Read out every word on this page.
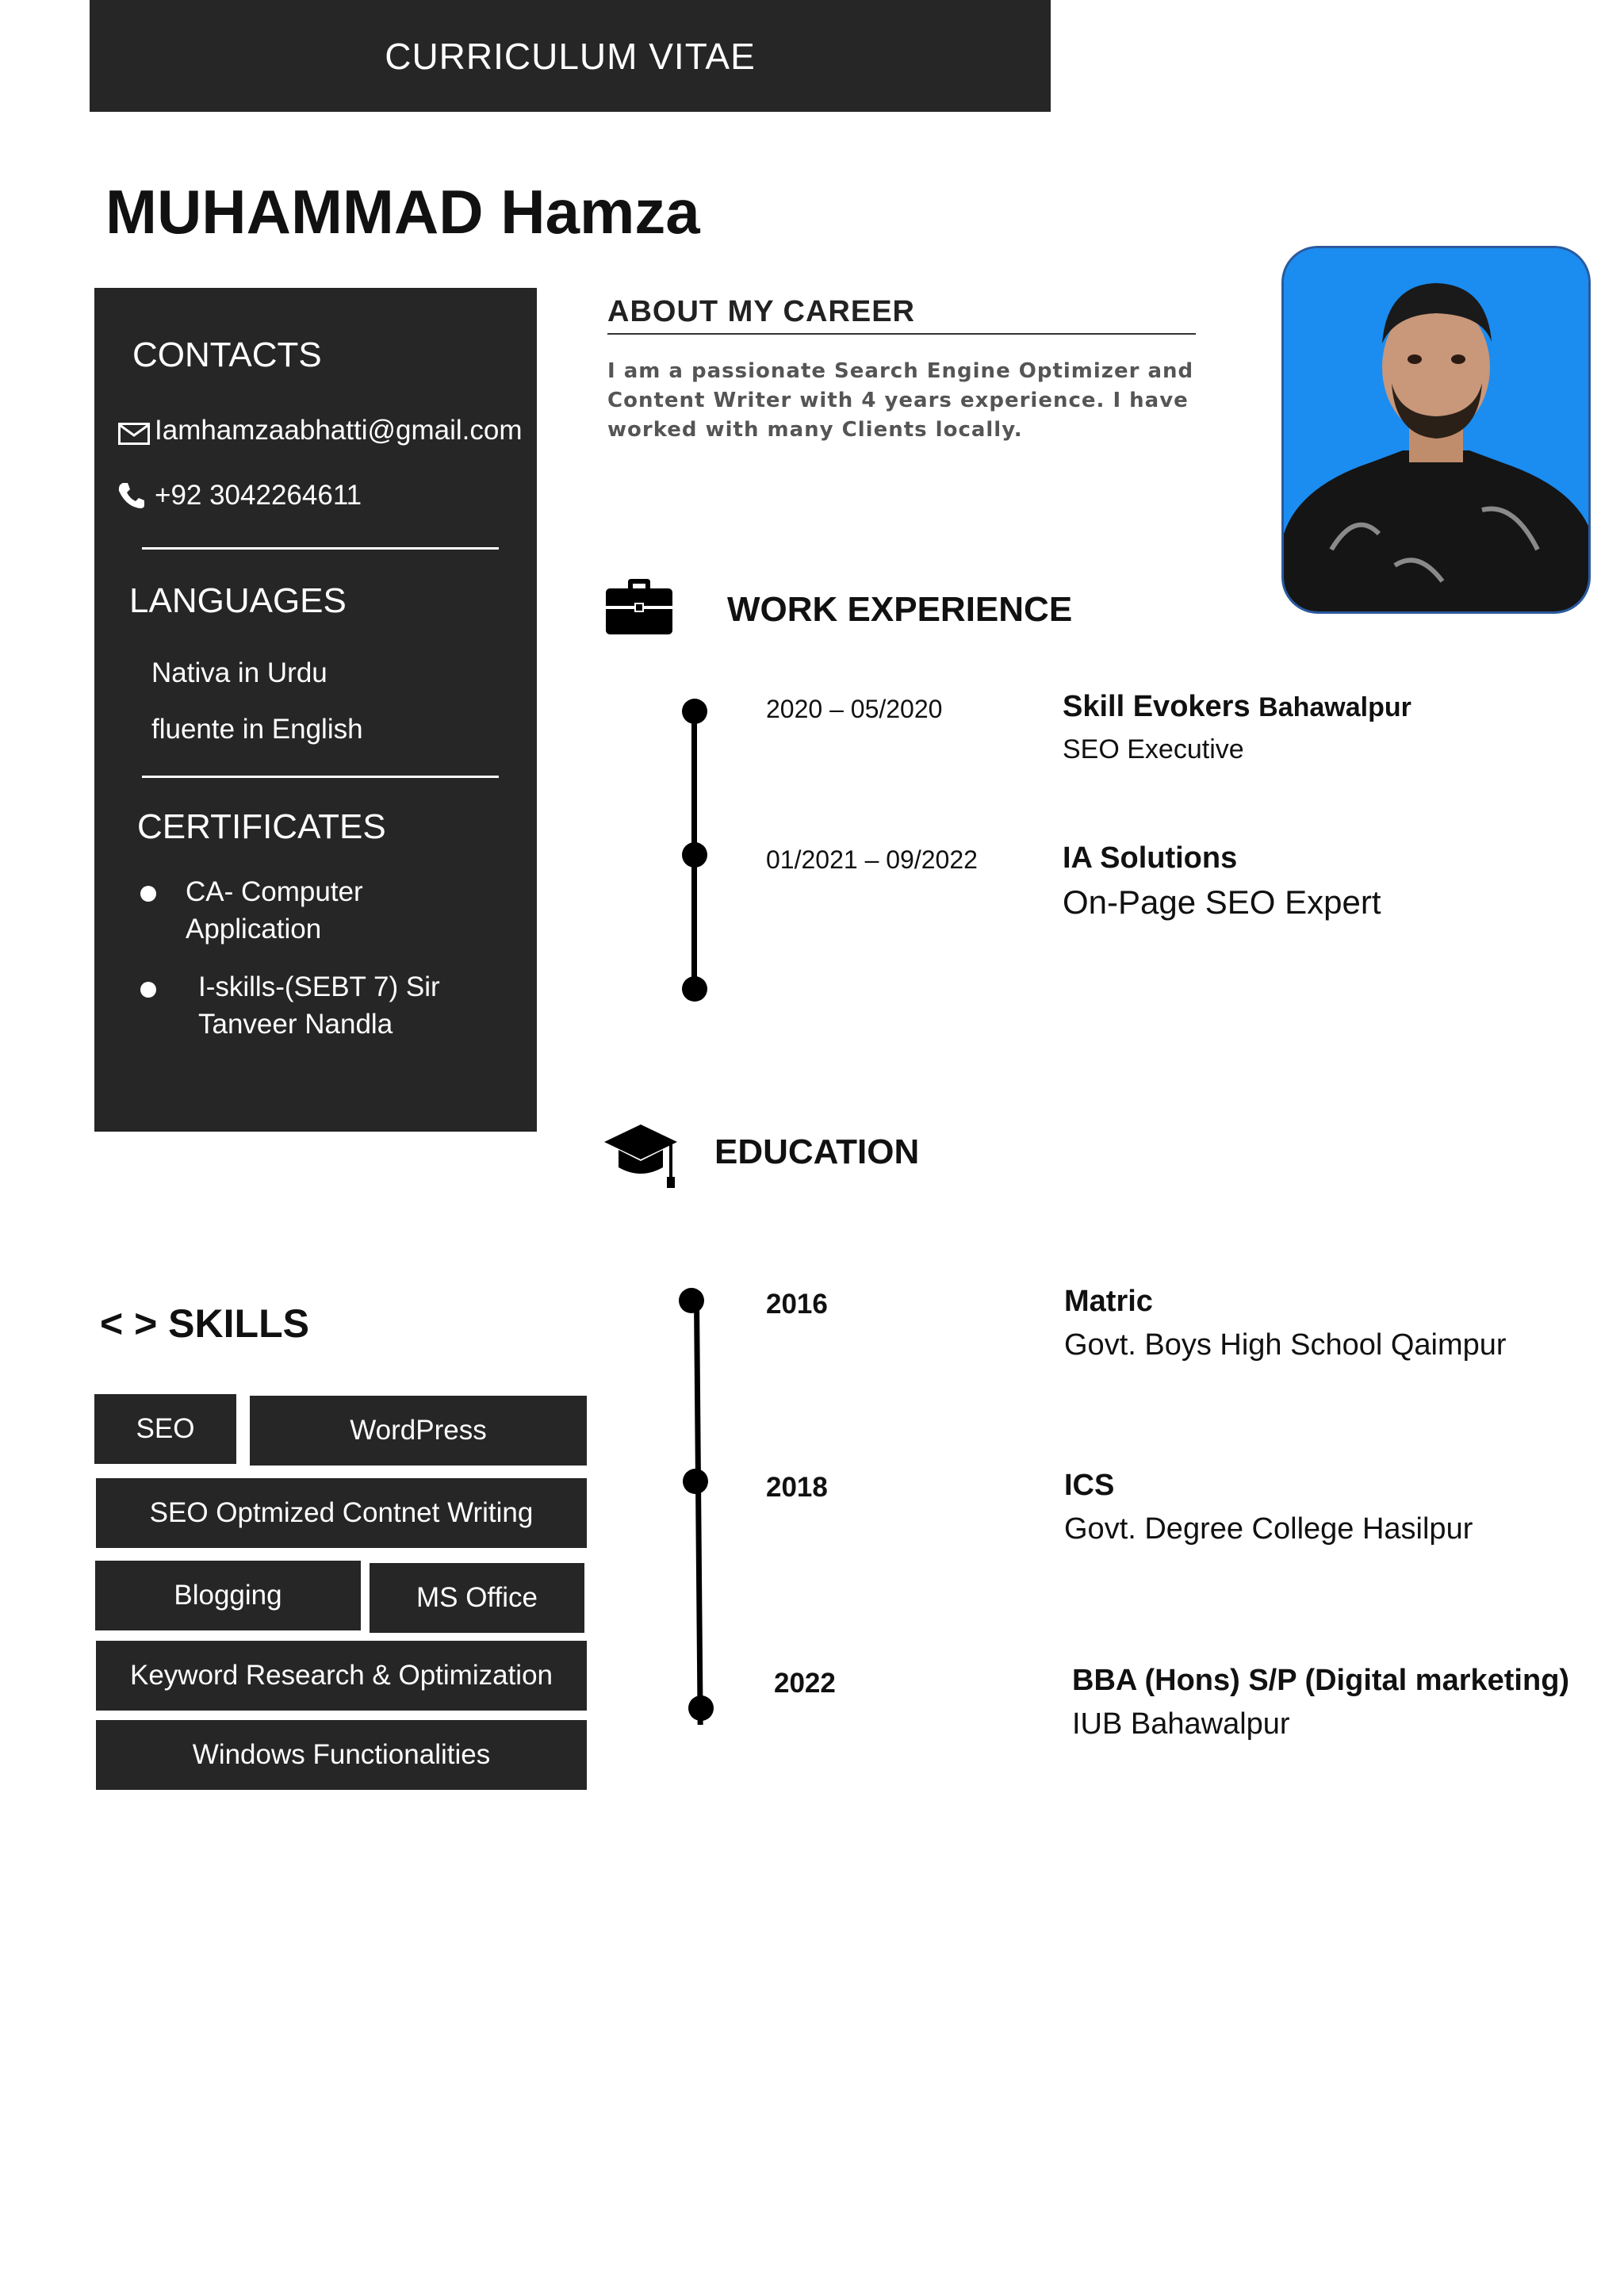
CURRICULUM VITAE
MUHAMMAD Hamza
CONTACTS
Iamhamzaabhatti@gmail.com
+92 3042264611
LANGUAGES
Nativa in Urdu
fluente in English
CERTIFICATES
CA- Computer
Application
I-skills-(SEBT 7) Sir
Tanveer Nandla
ABOUT MY CAREER
I am a passionate Search Engine Optimizer and Content Writer with 4 years experience. I have worked with many Clients locally.
WORK EXPERIENCE
2020 – 05/2020	Skill Evokers Bahawalpur
SEO Executive
01/2021 – 09/2022	IA Solutions
On-Page SEO Expert
EDUCATION
2016	Matric
Govt. Boys High School Qaimpur
2018	ICS
Govt. Degree College Hasilpur
2022	BBA (Hons) S/P (Digital marketing)
IUB Bahawalpur
< > SKILLS
SEO	WordPress
SEO Optmized Contnet Writing
Blogging	MS Office
Keyword Research & Optimization
Windows Functionalities
